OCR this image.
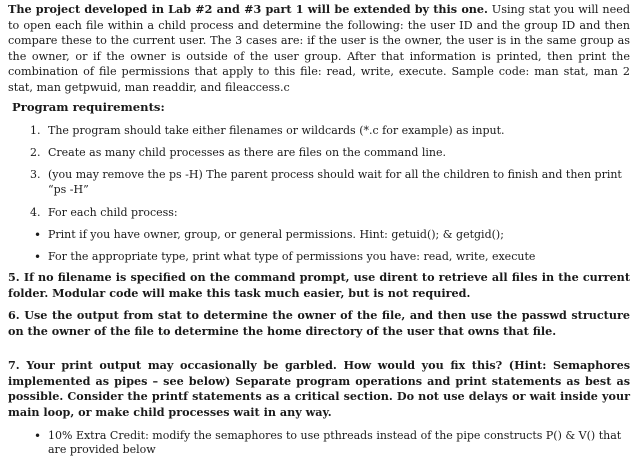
The project developed in Lab #2 and #3 part 1 will be extended by this one. Using stat you will need to open each file within a child process and determine the following: the user ID and the group ID and then compare these to the current user. The 3 cases are: if the user is the owner, the user is in the same group as the owner, or if the owner is outside of the user group. After that information is printed, then print the combination of file permissions that apply to this file: read, write, execute. Sample code: man stat, man 2 stat, man getpwuid, man readdir, and fileaccess.c
Program requirements:
1. The program should take either filenames or wildcards (*.c for example) as input.
2. Create as many child processes as there are files on the command line.
3. (you may remove the ps -H) The parent process should wait for all the children to finish and then print “ps -H”
4. For each child process:
• Print if you have owner, group, or general permissions. Hint: getuid(); & getgid();
• For the appropriate type, print what type of permissions you have: read, write, execute
5. If no filename is specified on the command prompt, use dirent to retrieve all files in the current folder. Modular code will make this task much easier, but is not required.
6. Use the output from stat to determine the owner of the file, and then use the passwd structure on the owner of the file to determine the home directory of the user that owns that file.
7. Your print output may occasionally be garbled. How would you fix this? (Hint: Semaphores implemented as pipes – see below) Separate program operations and print statements as best as possible. Consider the printf statements as a critical section. Do not use delays or wait inside your main loop, or make child processes wait in any way.
• 10% Extra Credit: modify the semaphores to use pthreads instead of the pipe constructs P() & V() that are provided below
